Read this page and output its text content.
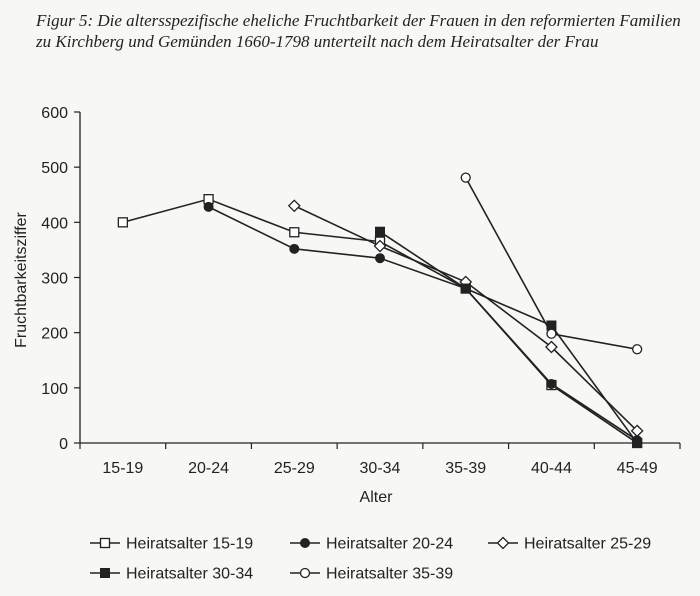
Figur 5: Die altersspezifische eheliche Fruchtbarkeit der Frauen in den reformierten Familien zu Kirchberg und Gemünden 1660-1798 unterteilt nach dem Heiratsalter der Frau
0
100
200
300
400
500
600
15-19	20-24	25-29	30-34	35-39	40-44	45-49
Alter
Fruchtbarkeitsziffer
Heiratsalter 15-19	Heiratsalter 20-24	Heiratsalter 25-29
Heiratsalter 30-34	Heiratsalter 35-39
